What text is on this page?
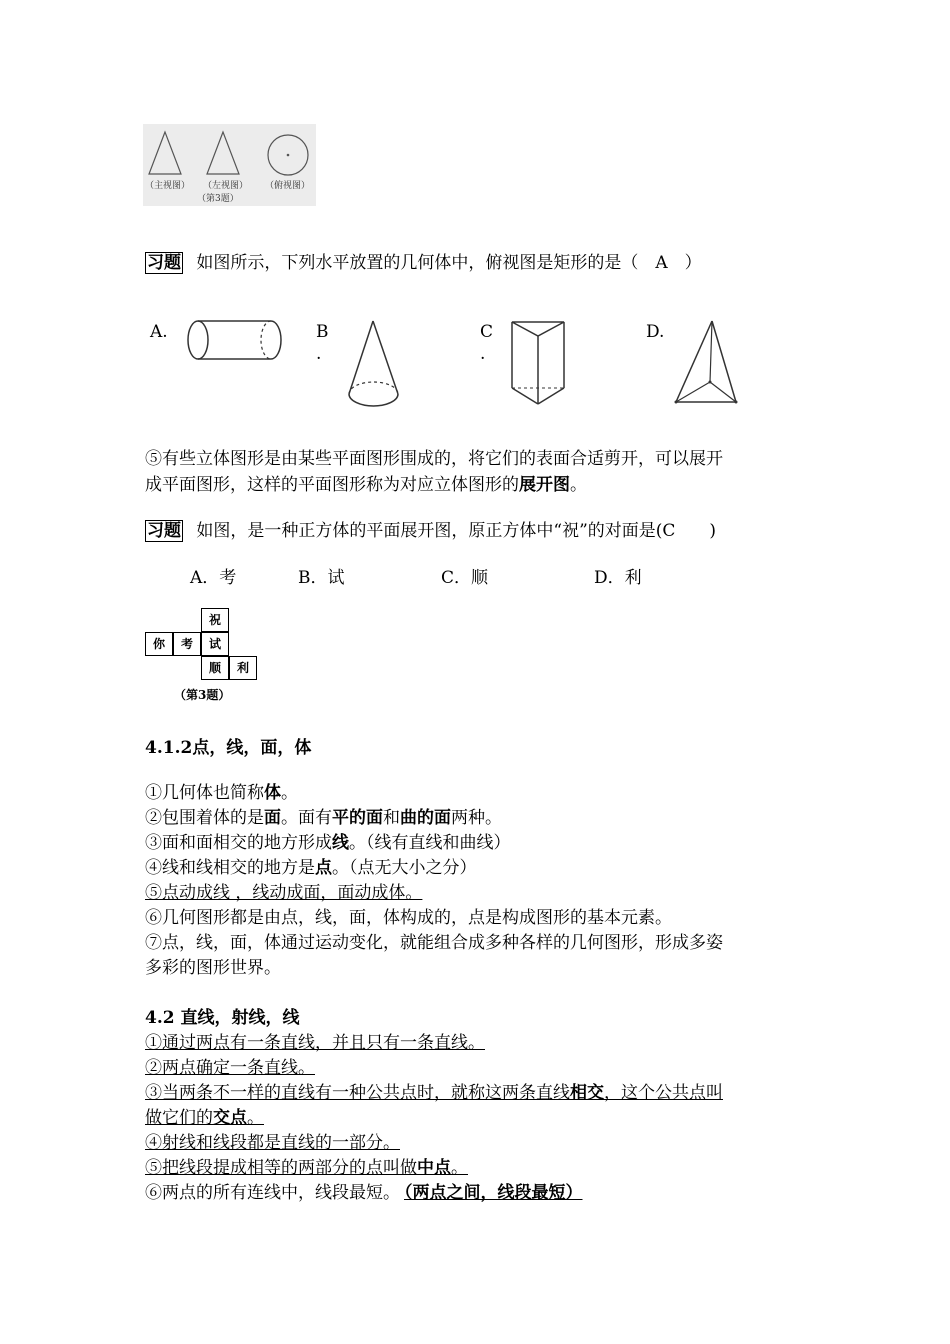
（主视图） （左视图） （俯视图）
（第3题）
习题 如图所示，下列水平放置的几何体中，俯视图是矩形的是（　A　）
A.	B
.
C
.
D.
⑤有些立体图形是由某些平面图形围成的，将它们的表面合适剪开，可以展开
成平面图形，这样的平面图形称为对应立体图形的展开图。
习题 如图，是一种正方体的平面展开图，原正方体中“祝”的对面是(C　　)
A．考	B．试	C．顺	D．利
祝
你	考	试
顺	利
（第3题）
4.1.2点，线，面，体
①几何体也简称体。
②包围着体的是面。面有平的面和曲的面两种。
③面和面相交的地方形成线。（线有直线和曲线）
④线和线相交的地方是点。（点无大小之分）
⑤点动成线 ，线动成面，面动成体。
⑥几何图形都是由点，线，面，体构成的，点是构成图形的基本元素。
⑦点，线，面，体通过运动变化，就能组合成多种各样的几何图形，形成多姿
多彩的图形世界。
4.2 直线，射线，线
①通过两点有一条直线，并且只有一条直线。
②两点确定一条直线。
③当两条不一样的直线有一种公共点时，就称这两条直线相交，这个公共点叫
做它们的交点。
④射线和线段都是直线的一部分。
⑤把线段提成相等的两部分的点叫做中点。
⑥两点的所有连线中，线段最短。 （两点之间，线段最短）
